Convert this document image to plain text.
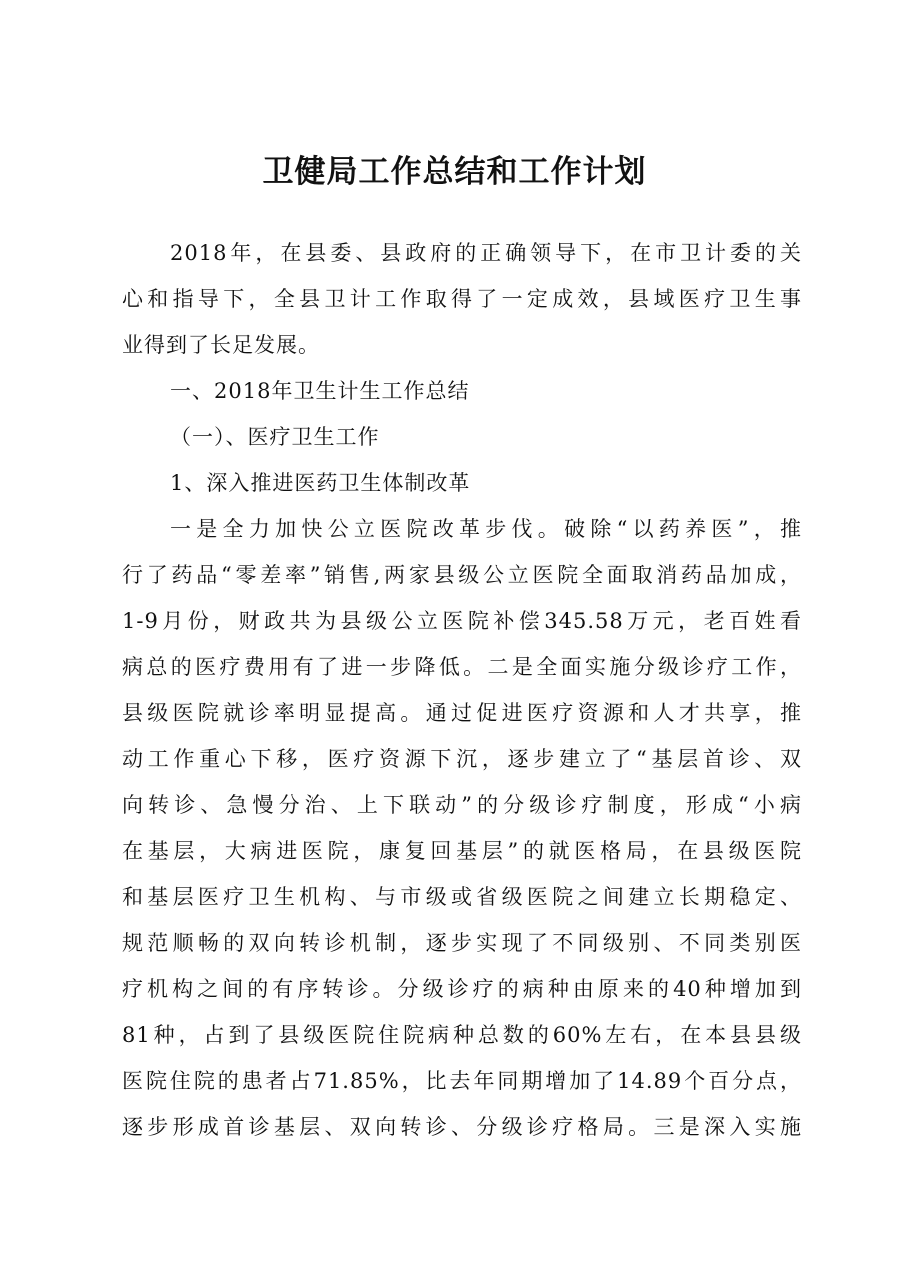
卫健局工作总结和工作计划

2018年，在县委、县政府的正确领导下，在市卫计委的关

心和指导下，全县卫计工作取得了一定成效，县域医疗卫生事

业得到了长足发展。

一、2018年卫生计生工作总结

（一）、医疗卫生工作

1、深入推进医药卫生体制改革

一是全力加快公立医院改革步伐。破除“以药养医”，推

行了药品“零差率”销售,两家县级公立医院全面取消药品加成，

1-9月份，财政共为县级公立医院补偿345.58万元，老百姓看

病总的医疗费用有了进一步降低。二是全面实施分级诊疗工作，

县级医院就诊率明显提高。通过促进医疗资源和人才共享，推

动工作重心下移，医疗资源下沉，逐步建立了“基层首诊、双

向转诊、急慢分治、上下联动”的分级诊疗制度，形成“小病

在基层，大病进医院，康复回基层”的就医格局，在县级医院

和基层医疗卫生机构、与市级或省级医院之间建立长期稳定、

规范顺畅的双向转诊机制，逐步实现了不同级别、不同类别医

疗机构之间的有序转诊。分级诊疗的病种由原来的40种增加到

81种，占到了县级医院住院病种总数的60%左右，在本县县级

医院住院的患者占71.85%，比去年同期增加了14.89个百分点，

逐步形成首诊基层、双向转诊、分级诊疗格局。三是深入实施
